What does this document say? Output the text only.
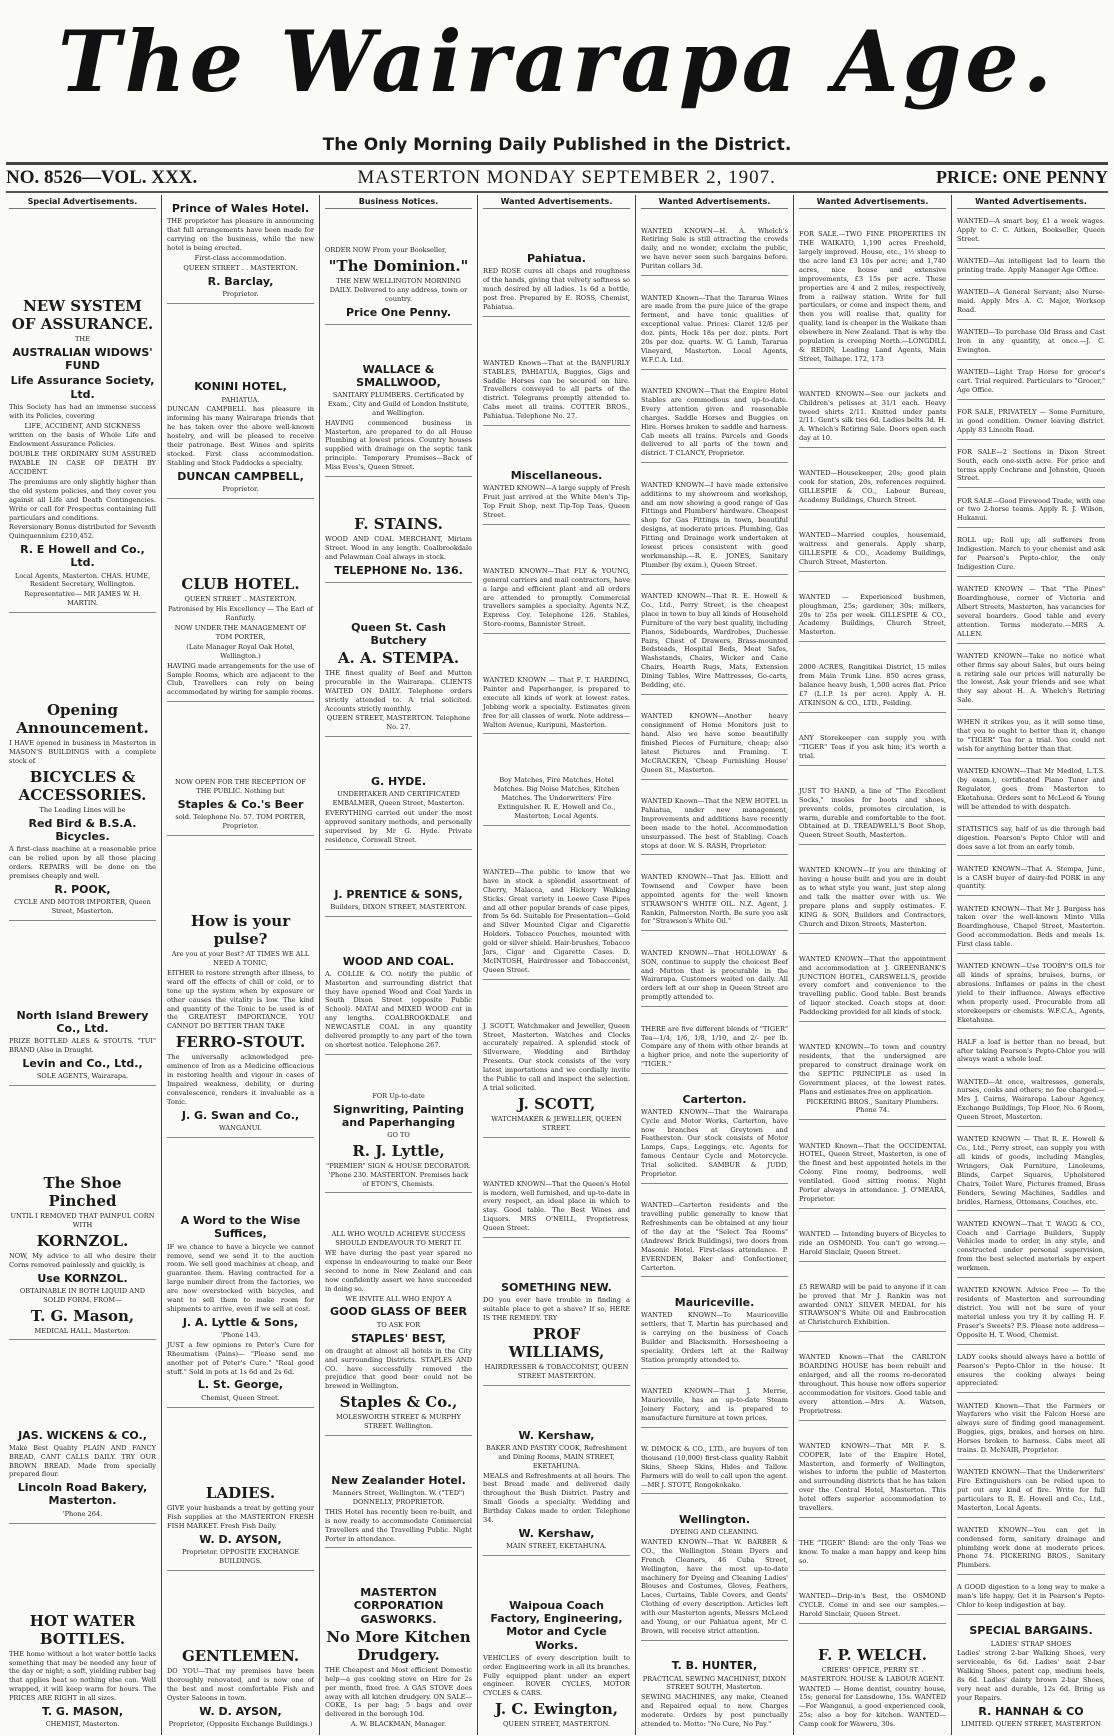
The Wairarapa Age.
The Only Morning Daily Published in the District.
NO. 8526—VOL. XXX.	MASTERTON MONDAY SEPTEMBER 2, 1907.	PRICE: ONE PENNY
Special Advertisements.
NEW SYSTEM OF ASSURANCE.
THE
AUSTRALIAN WIDOWS' FUND
Life Assurance Society, Ltd.
This Society has had an immense success with its Policies, covering
LIFE, ACCIDENT, AND SICKNESS
written on the basis of Whole Life and Endowment Assurance Policies.
DOUBLE THE ORDINARY SUM ASSURED PAYABLE IN CASE OF DEATH BY ACCIDENT.
The premiums are only slightly higher than the old system policies, and they cover you against all Life and Death Contingencies. Write or call for Prospectus containing full particulars and conditions.
Reversionary Bonus distributed for Seventh Quinquennium £210,452.
R. E Howell and Co., Ltd.
Local Agents, Masterton. CHAS. HUME, Resident Secretary, Wellington.
Representative— MR JAMES W. H. MARTIN.
Opening Announcement.
I HAVE opened in business in Masterton in MASON'S BUILDINGS with a complete stock of
BICYCLES & ACCESSORIES.
The Leading Lines will be
Red Bird & B.S.A. Bicycles.
A first-class machine at a reasonable price can be relied upon by all those placing orders. REPAIRS will be done on the premises cheaply and well.
R. POOK,
CYCLE AND MOTOR IMPORTER, Queen Street, Masterton.
North Island Brewery Co., Ltd.
PRIZE BOTTLED ALES & STOUTS. "TUI" BRAND (Also in Draught.
Levin and Co., Ltd.,
SOLE AGENTS, Wairarapa.
The Shoe Pinched
UNTIL I REMOVED THAT PAINFUL CORN WITH
KORNZOL.
NOW, My advice to all who desire their Corns removed painlessly and quickly, is
Use KORNZOL.
OBTAINABLE IN BOTH LIQUID AND SOLID FORM. FROM—
T. G. Mason,
MEDICAL HALL. Masterton.
JAS. WICKENS & CO.,
Make Best Quality PLAIN AND FANCY BREAD, CANT CALLS DAILY. TRY OUR BROWN BREAD. Made from specially prepared flour.
Lincoln Road Bakery, Masterton.
'Phone 264.
HOT WATER BOTTLES.
THE home without a hot water bottle lacks something that may be needed any hour of the day or night; a soft, yielding rubber bag that applies heat so nothing else can. Well wrapped, it will keep warm for hours. The PRICES ARE RIGHT in all sizes.
T. G. MASON,
CHEMIST, Masterton.
Prince of Wales Hotel.
THE proprietor has pleasure in announcing that full arrangements have been made for carrying on the business, while the new hotel is being erected.
First-class accommodation.
QUEEN STREET . . MASTERTON.
R. Barclay,
Proprietor.
KONINI HOTEL,
PAHIATUA.
DUNCAN CAMPBELL has pleasure in informing his many Wairarapa friends that he has taken over the above well-known hostelry, and will be pleased to receive their patronage. Best Wines and spirits stocked. First class accommodation. Stabling and Stock Paddocks a specialty.
DUNCAN CAMPBELL,
Proprietor.
CLUB HOTEL.
QUEEN STREET .. MASTERTON.
Patronised by His Excellency — The Earl of Ranfurly.
NOW UNDER THE MANAGEMENT OF TOM PORTER,
(Late Manager Royal Oak Hotel, Wellington.)
HAVING made arrangements for the use of Sample Rooms, which are adjacent to the Club, Travellers can rely on being accommodated by wiring for sample rooms.
NOW OPEN FOR THE RECEPTION OF THE PUBLIC. Nothing but
Staples & Co.'s Beer
sold. Telephone No. 57. TOM PORTER, Proprietor.
How is your pulse?
Are you at your Best? AT TIMES WE ALL NEED A TONIC,
EITHER to restore strength after illness, to ward off the effects of chill or cold, or to tone up the system when by exposure or other causes the vitality is low. The kind and quantity of the Tonic to be used is of the GREATEST IMPORTANCE. YOU CANNOT DO BETTER THAN TAKE
FERRO-STOUT.
The universally acknowledged pre-eminence of Iron as a Medicine efficacious in restoring health and vigour in cases of Impaired weakness, debility, or during convalescence, renders it invaluable as a Tonic.
J. G. Swan and Co.,
WANGANUI.
A Word to the Wise Suffices,
IF we chance to have a bicycle we cannot remove, send we send it to the auction room. We sell good machines at cheap, and guarantee them. Having contracted for a large number direct from the factories, we are now overstocked with bicycles, and want to sell them to make room for shipments to arrive, even if we sell at cost.
J. A. Lyttle & Sons,
'Phone 143.
JUST a few opinions re Peter's Cure for Rheumatism (Pains)— "Please send me another pot of Peter's Cure." "Real good stuff." Sold in pots at 1s 6d and 2s 6d.
L. St. George,
Chemist, Queen Street.
LADIES.
GIVE your husbands a treat by getting your Fish supplies at the MASTERTON FRESH FISH MARKET. Fresh Fish Daily.
W. D. AYSON,
Proprietor. OPPOSITE EXCHANGE BUILDINGS.
GENTLEMEN.
DO YOU—That my premises have been thoroughly renovated, and is now one of the best and most comfortable Fish and Oyster Saloons in town.
W. D. AYSON,
Proprietor, (Opposite Exchange Buildings.)
Business Notices.
ORDER NOW From your Bookseller,
"The Dominion."
THE NEW WELLINGTON MORNING DAILY. Delivered to any address, town or country.
Price One Penny.
WALLACE & SMALLWOOD,
SANITARY PLUMBERS. Certificated by Exam., City and Guild of London Institute, and Wellington.
HAVING commenced business in Masterton, are prepared to do all House Plumbing at lowest prices. Country houses supplied with drainage on the septic tank principle. Temporary Premises—Back of Miss Eves's, Queen Street.
F. STAINS.
WOOD AND COAL MERCHANT, Miriam Street. Wood in any length. Coalbrookdale and Pelawman Coal always in stock.
TELEPHONE No. 136.
Queen St. Cash Butchery
A. A. STEMPA.
THE finest quality of Beef and Mutton procurable in the Wairarapa. CLIENTS WAITED ON DAILY. Telephone orders strictly attended to. A trial solicited. Accounts strictly monthly.
QUEEN STREET, MASTERTON. Telephone No. 27.
G. HYDE.
UNDERTAKER AND CERTIFICATED EMBALMER, Queen Street, Masterton.
EVERYTHING carried out under the most approved sanitary methods, and personally supervised by Mr G. Hyde. Private residence, Cornwall Street.
J. PRENTICE & SONS,
Builders, DIXON STREET, MASTERTON.
WOOD AND COAL.
A. COLLIE & CO. notify the public of Masterton and surrounding district that they have opened Wood and Coal Yards in South Dixon Street (opposite Public School). MATAI and MIXED WOOD cut in any lengths. COALBROOKDALE and NEWCASTLE COAL in any quantity delivered promptly to any part of the town on shortest notice. Telephone 267.
FOR Up-to-date
Signwriting, Painting and Paperhanging
GO TO
R. J. Lyttle,
"PREMIER" SIGN & HOUSE DECORATOR. 'Phone 230. MASTERTON. Premises back of ETON'S, Chemists.
ALL WHO WOULD ACHIEVE SUCCESS SHOULD ENDEAVOUR TO MERIT IT.
WE have during the past year spared no expense in endeavouring to make our Beer second to none in New Zealand and can now confidently assert we have succeeded in doing so.
WE INVITE ALL WHO ENJOY A
GOOD GLASS OF BEER
TO ASK FOR
STAPLES' BEST,
on draught at almost all hotels in the City and surrounding Districts. STAPLES AND CO. have successfully removed the prejudice that good beer could not be brewed in Wellington.
Staples & Co.,
MOLESWORTH STREET & MURPHY STREET. Wellington.
New Zealander Hotel.
Manners Street, Wellington. W. ("TED") DONNELLY, PROPRIETOR.
THIS Hotel has recently been re-built, and is now ready to accommodate Commercial Travellers and the Travelling Public. Night Porter in attendance.
MASTERTON CORPORATION GASWORKS.
No More Kitchen Drudgery.
THE Cheapest and Most efficient Domestic help—a gas cooking stove on Hire for 2s per month, fixed free. A GAS STOVE does away with all kitchen drudgery. ON SALE—COKE, 1s per bag; 5 bags and over delivered in the borough 10d.
A. W. BLACKMAN, Manager.
Wanted Advertisements.
Pahiatua.
RED ROSE cures all chaps and roughness of the hands, giving that velvety softness so much desired by all ladies. 1s 6d a bottle, post free. Prepared by E. ROSS, Chemist, Pahiatua.
WANTED Known—That at the BANFURLY STABLES, PAHIATUA, Buggies, Gigs and Saddle Horses can be secured on hire. Travellers conveyed to all parts of the district. Telegrams promptly attended to. Cabs meet all trains. COTTER BROS., Pahiatua. Telephone No. 27.
Miscellaneous.
WANTED KNOWN—A large supply of Fresh Fruit just arrived at the White Men's Tip-Top Fruit Shop, next Tip-Top Teas, Queen Street.
WANTED KNOWN—That FLY & YOUNG, general carriers and mail contractors, have a large and efficient plant and all orders are attended to promptly. Commercial travellers samples a specialty. Agents N.Z. Express Coy. Telephone 126. Stables, Store-rooms, Bannister Street.
WANTED KNOWN — That F. T. HARDING, Painter and Paperhanger, is prepared to execute all kinds of work at lowest rates. Jobbing work a specialty. Estimates given free for all classes of work. Note address—Walton Avenue, Kuripuni, Masterton.
Boy Matches, Fire Matches, Hotel Matches. Big Noise Matches, Kitchen Matches. The Underwriters' Fire Extinguisher. R. E. Howell and Co., Masterton, Local Agents.
WANTED—The public to know that we have in stock a splendid assortment of Cherry, Malacca, and Hickory Walking Sticks. Great variety in Loewe Case Pipes and all other popular brands of case pipes, from 5s 6d. Suitable for Presentation—Gold and Silver Mounted Cigar and Cigarette Holders. Tobacco Pouches, mounted with gold or silver shield. Hair-brushes, Tobacco Jars, Cigar and Cigarette Cases. D. McINTOSH, Hairdresser and Tobacconist, Queen Street.
J. SCOTT, Watchmaker and Jeweller, Queen Street, Masterton. Watches and Clocks accurately repaired. A splendid stock of Silverware, Wedding and Birthday Presents. Our stock consists of the very latest importations and we cordially invite the Public to call and inspect the selection. A trial solicited.
J. SCOTT,
WATCHMAKER & JEWELLER, QUEEN STREET.
WANTED KNOWN—That the Queen's Hotel is modern, well furnished, and up-to-date in every respect, an ideal place in which to stay. Good table. The Best Wines and Liquors. MRS O'NEILL, Proprietress, Queen Street.
SOMETHING NEW.
DO you ever have trouble in finding a suitable place to get a shave? If so, HERE IS THE REMEDY. TRY
PROF WILLIAMS,
HAIRDRESSER & TOBACCONIST, QUEEN STREET MASTERTON.
W. Kershaw,
BAKER AND PASTRY COOK, Refreshment and Dining Rooms, MAIN STREET, EKETAHUNA.
MEALS and Refreshments at all hours. The best Bread made and delivered daily throughout the Bush District. Pastry and Small Goods a specialty. Wedding and Birthday Cakes made to order. Telephone 34.
W. Kershaw,
MAIN STREET, EKETAHUNA.
Waipoua Coach Factory, Engineering, Motor and Cycle Works.
VEHICLES of every description built to order. Engineering work in all its branches. Fully equipped plant under an expert engineer. ROVER CYCLES, MOTOR CYCLES & CARS.
J. C. Ewington,
QUEEN STREET, MASTERTON.
Wanted Advertisements.
WANTED KNOWN—H. A. Whelch's Retiring Sale is still attracting the crowds daily, and no wonder, exclaim the public, we have never seen such bargains before. Puritan collars 3d.
WANTED Known—That the Tararua Wines are made from the pure juice of the grape ferment, and have tonic qualities of exceptional value. Prices: Claret 12/6 per doz. pints, Hock 18s per doz. pints. Port 20s per doz. quarts. W. G. Lamb, Tararua Vineyard, Masterton. Local Agents, W.F.C.A. Ltd.
WANTED KNOWN—That the Empire Hotel Stables are commodious and up-to-date. Every attention given and reasonable charges. Saddle Horses and Buggies on Hire. Horses broken to saddle and harness. Cab meets all trains. Parcels and Goods delivered to all parts of the town and district. T CLANCY, Proprietor.
WANTED KNOWN—I have made extensive additions to my showroom and workshop, and am now showing a good range of Gas Fittings and Plumbers' hardware. Cheapest shop for Gas Fittings in town, beautiful designs, at moderate prices. Plumbing, Gas Fitting and Drainage work undertaken at lowest prices consistent with good workmanship.—R. E. JONES, Sanitary Plumber (by exam.), Queen Street.
WANTED KNOWN—That R. E. Howell & Co., Ltd., Perry Street, is the cheapest place in town to buy all kinds of Household Furniture of the very best quality, including Pianos, Sideboards, Wardrobes, Duchesse Pairs, Chest of Drawers, Brass-mounted Bedsteads, Hospital Beds, Meat Safes, Washstands, Chairs, Wicker and Cane Chairs, Hearth Rugs, Mats, Extension Dining Tables, Wire Mattresses, Go-carts, Bedding, etc.
WANTED KNOWN—Another heavy consignment of Home Monitors just to hand. Also we have some beautifully finished Pieces of Furniture, cheap; also latest Pictures and Framing. T. McCRACKEN, 'Cheap Furnishing House' Queen St., Masterton.
WANTED Known—That the NEW HOTEL in Pahiatua, under new management, Improvements and additions have recently been made to the hotel. Accommodation unsurpassed. The best of Stabling. Coach stops at door. W. S. RASH, Proprietor.
WANTED KNOWN—That Jas. Elliott and Townsend and Cowper have been appointed agents for the well known STRAWSON'S WHITE OIL. N.Z. Agent, J. Rankin, Palmerston North. Be sure you ask for "Strawson's White Oil."
WANTED KNOWN—That HOLLOWAY & SON, continue to supply the choicest Beef and Mutton that is procurable in the Wairarapa. Customers waited on daily. All orders left at our shop in Queen Street are promptly attended to.
THERE are five different blends of "TIGER" Tea—1/4, 1/6, 1/8, 1/10, and 2/- per lb. Compare any of them with other brands at a higher price, and note the superiority of "TIGER."
Carterton.
WANTED KNOWN—That the Wairarapa Cycle and Motor Works, Carterton, have now branches at Greytown and Featherston. Our stock consists of Motor Lamps, Caps, Leggings, etc. Agents for famous Centaur Cycle and Motorcycle. Trial solicited. SAMBUR & JUDD, Proprietor.
WANTED—Carterton residents and the travelling public generally to know that Refreshments can be obtained at any hour of the day at the "Select Tea Rooms" (Andrews' Brick Buildings), two doors from Masonic Hotel. First-class attendance. P. EVERNDEN, Baker and Confectioner, Carterton.
Mauriceville.
WANTED KNOWN—To Mauriceville settlers, that T. Martin has purchased and is carrying on the business of Coach Builder and Blacksmith. Horseshoeing a speciality. Orders left at the Railway Station promptly attended to.
WANTED KNOWN—That J. Merrie, Mauriceville, has an up-to-date Steam Joinery Factory, and is prepared to manufacture furniture at town prices.
W. DIMOCK & CO., LTD., are buyers of ten thousand (10,000) first-class quality Rabbit Skins, Sheep Skins, Hides and Tallow. Farmers will do well to call upon the agent.—MR J. STOTT, Rongokokako.
Wellington.
DYEING AND CLEANING.
WANTED KNOWN—That W. BARBER & CO., the Wellington Steam Dyers and French Cleaners, 46 Cuba Street, Wellington, have the most up-to-date machinery for Dyeing and Cleaning Ladies' Blouses and Costumes, Gloves, Feathers, Laces, Curtains, Table Covers, and Gents' Clothing of every description. Articles left with our Masterton agents, Messrs McLeod and Young, or our Pahiatua agent, Mr C. Brown, will receive strict attention.
T. B. HUNTER,
PRACTICAL SEWING MACHINIST, DIXON STREET SOUTH, Masterton.
SEWING MACHINES, any make, Cleaned and Repaired equal to new. Charges moderate. Orders by post punctually attended to. Motto: "No Cure, No Pay."
Wanted Advertisements.
FOR SALE.—TWO FINE PROPERTIES IN THE WAIKATO, 1,190 acres Freehold, largely improved. House, etc., 1½ sheep to the acre land £3 10s per acre; and 1,740 acres, nice house and extensive improvements, £3 15s per acre. These properties are 4 and 2 miles, respectively, from a railway station. Write for full particulars, or come and inspect them, and then you will realise that, quality for quality, land is cheaper in the Waikato than elsewhere in New Zealand. That is why the population is creeping North.—LONGDILL & REDIN, Leading Land Agents, Main Street, Taihape. 172, 173
WANTED KNOWN—See our jackets and Children's pelisses at 31/1 each. Heavy tweed shirts 2/11. Knitted under pants 2/11. Gent's silk ties 6d. Ladies belts 3d. H. A. Whelch's Retiring Sale. Doors open each day at 10.
WANTED—Housekeeper, 20s; good plain cook for station, 20s, references required. GILLESPIE & CO., Labour Bureau, Academy Buildings, Church Street.
WANTED—Married couples, housemaid, waitress and generals. Apply sharp, GILLESPIE & CO., Academy Buildings, Church Street, Masterton.
WANTED — Experienced bushmen, ploughman, 25s; gardener, 30s; milkers, 20s to 25s per week. GILLESPIE & CO., Academy Buildings, Church Street, Masterton.
2000 ACRES, Rangitikei District, 15 miles from Main Trunk Line. 850 acres grass, balance heavy bush, 1,500 acres flat. Price £7 (L.I.P. 1s per acre). Apply A. H. ATKINSON & CO., LTD., Feilding.
ANY Storekeeper can supply you with "TIGER" Teas if you ask him; it's worth a trial.
JUST TO HAND, a line of "The Excellent Socks," insoles for boots and shoes, prevents colds, promotes circulation, is warm, durable and comfortable to the foot. Obtained at D. TREADWELL'S Boot Shop, Queen Street South, Masterton.
WANTED KNOWN—If you are thinking of having a house built and you are in doubt as to what style you want, just step along and talk the matter over with us. We prepare plans and supply estimates. F. KING & SON, Builders and Contractors, Church and Dixon Streets, Masterton.
WANTED KNOWN—That the appointment and accommodation at J. GREENBANK'S JUNCTION HOTEL, CARSWELL'S, provide every comfort and convenience to the travelling public. Good table. Best brands of liquor stocked. Coach stops at door. Paddocking provided for all kinds of stock.
WANTED KNOWN—To town and country residents, that the undersigned are prepared to construct drainage work on the SEPTIC PRINCIPLE as used in Government places, at the lowest rates. Plans and estimates free on application.
PICKERING BROS., Sanitary Plumbers. Phone 74.
WANTED Known—That the OCCIDENTAL HOTEL, Queen Street, Masterton, is one of the finest and best appointed hotels in the Colony. Fine roomy, bedrooms, well ventilated. Good sitting rooms. Night Porter always in attendance. J. O'MEARA, Proprietor.
WANTED — Intending buyers of Bicycles to ride an OSMOND. You can't go wrong.—Harold Sinclair, Queen Street.
£5 REWARD will be paid to anyone if it can be proved that Mr J. Rankin was not awarded ONLY SILVER MEDAL for his STRAWSON'S White Oil and Embrocation at Christchurch Exhibition.
WANTED Known—That the CARLTON BOARDING HOUSE has been rebuilt and enlarged, and all the rooms re-decorated throughout. This house now offers superior accommodation for visitors. Good table and every attention.—Mrs A. Watson, Proprietress.
WANTED KNOWN—That MR F. S. COOPER, late of the Empire Hotel, Masterton, and formerly of Wellington, wishes to inform the public of Masterton and surrounding districts that he has taken over the Central Hotel, Masterton. This hotel offers superior accommodation to travellers.
THE "TIGER" Blend: are the only Teas we know. To make a man happy and keep him so.
WANTED—Drip-in's Best, the OSMOND CYCLE. Come in and see our samples.—Harold Sinclair, Queen Street.
F. P. WELCH.
CRIERS' OFFICE, PERRY ST. . MASTERTON. HOUSE & LABOUR AGENT.
WANTED — Home dentist, country house, 15s; general for Lansdowne, 15s. WANTED—For Wanganui, a good experienced cook, 25s; also a boy for kitchen. WANTED—Camp cook for Waweru, 30s.
Wanted Advertisements.
WANTED—A smart boy, £1 a week wages. Apply to C. C. Aitken, Bookseller, Queen Street.
WANTED—An intelligent lad to learn the printing trade. Apply Manager Age Office.
WANTED—A General Servant; also Nurse-maid. Apply Mrs A. C. Major, Worksop Road.
WANTED—To purchase Old Brass and Cast Iron in any quantity, at once.—J. C. Ewington.
WANTED—Light Trap Horse for grocer's cart. Trial required. Particulars to "Grocer," Age Office.
FOR SALE, PRIVATELY — Some Furniture, in good condition. Owner leaving district. Apply 83 Lincoln Road.
FOR SALE—2 Sections in Dixon Street South, each one-sixth acre. For price and terms apply Cochrane and Johnston, Queen Street.
FOR SALE—Good Firewood Trade, with one or two 2-horse teams. Apply R. J. Wilson, Hukanui.
ROLL up; Roll up; all sufferers from Indigestion. March to your chemist and ask for Pearson's Pepto-chlor, the only Indigestion Cure.
WANTED KNOWN — That "The Pines" Boardinghouse, corner of Victoria and Albert Streets, Masterton, has vacancies for several boarders. Good table and every attention. Terms moderate.—MRS A. ALLEN.
WANTED KNOWN—Take no notice what other firms say about Sales, but ours being a retiring sale our prices will naturally be the lowest. Ask your friends and see what they say about H. A. Whelch's Retiring Sale.
WHEN it strikes you, as it will some time, that you to ought to better than it, change to "TIGER" Tea for a trial. You could not wish for anything better than that.
WANTED KNOWN—That Mr Medlod, L.T.S. (by exam.), certificated Piano Tuner and Regulator, goes from Masterton to Eketahuna. Orders sent to McLeod & Young will be attended to with despatch.
STATISTICS say, half of us die through bad digestion. Pearson's Pepto Chlor will and does save a lot from an early tomb.
WANTED KNOWN—That A. Stempa, Junr., is a CASH buyer of dairy-fed PORK in any quantity.
WANTED KNOWN—That Mr J. Burgess has taken over the well-known Minto Villa Boardinghouse, Chapel Street, Masterton. Good accommodation. Beds and meals 1s. First class table.
WANTED KNOWN—Use TOOBY'S OILS for all kinds of sprains, bruises, burns, or abrasions. Inflames or pains in the chest yield to their influence. Always effective when properly used. Procurable from all storekeepers or chemists. W.F.C.A., Agents, Eketahuna.
HALF a loaf is better than no bread, but after taking Pearson's Pepto-Chlor you will always want a whole loaf.
WANTED—At once, waitresses, generals, nurses, cooks and others; no fee charged.—Mrs J. Cairns, Wairarapa Labour Agency, Exchange Buildings, Top Floor, No. 6 Room, Queen Street, Masterton.
WANTED KNOWN — That R. E. Howell & Co., Ltd., Perry street, can supply you with all kinds of goods, including Mangles, Wringers, Oak Furniture, Linoleums, Blinds, Carpet Squares, Upholstered Chairs, Toilet Ware, Pictures framed, Brass Fenders, Sewing Machines, Saddles and bridles, Harness, Ottomans, Couches, etc.
WANTED KNOWN—That T. WAGG & CO., Coach and Carriage Builders, Supply Vehicles made to order, in any style, and constructed under personal supervision, from the best selected materials by expert workmen.
WANTED KNOWN. Advice Free — To the residents of Masterton and surrounding district. You will not be sure of your material unless you try it by calling H. F. Fraser's Sweets? P.S. Please note address—Opposite H. T. Wood, Chemist.
LADY cooks should always have a bottle of Pearson's Pepto-Chlor in the house. It ensures the cooking always being appreciated.
WANTED Known—That the Farmers or Wayfarers who visit the Falcon Horse are always sure of finding good management. Buggies, gigs, brakes, and horses on hire. Horses broken to harness. Cabs meet all trains. D. McNAIR, Proprietor.
WANTED KNOWN—That the Underwriters' Fire Extinguishers can be relied upon to put out any kind of fire. Write for full particulars to R. E. Howell and Co., Ltd., Masterton, Local Agents.
WANTED KNOWN—You can get in condensed form, sanitary drainage and plumbing work done at moderate prices. Phone 74. PICKERING BROS., Sanitary Plumbers.
A GOOD digestion to a long way to make a man's life happy. Get it in Pearson's Pepto-Chlor to keep indigestion at bay.
SPECIAL BARGAINS.
LADIES' STRAP SHOES
Ladies' strong 2-bar Walking Shoes, very serviceable, 6s 6d. Ladies' neat 2-bar Walking Shoes, patent cap, medium heels, 8s 6d. Ladies' dainty brown 2-bar Shoes, very neat and durable, 12s 6d. Bring us your Repairs.
R. HANNAH & CO
LIMITED. QUEEN STREET, MASTERTON
